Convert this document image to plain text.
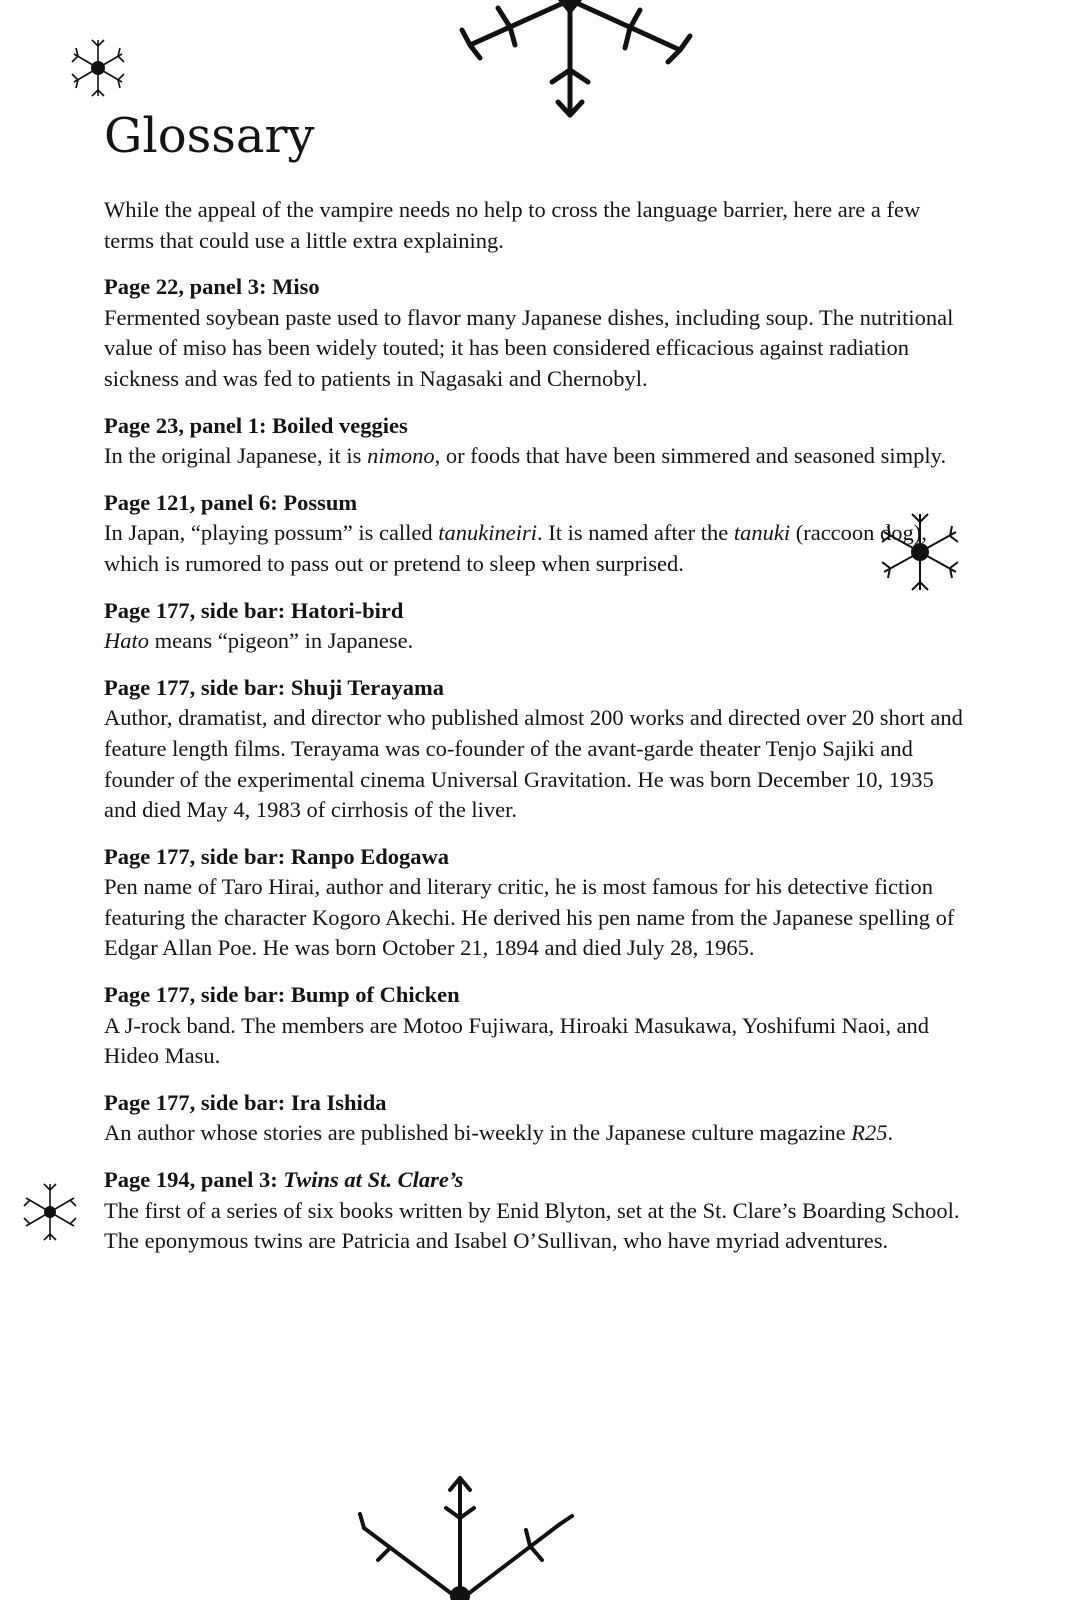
Glossary

While the appeal of the vampire needs no help to cross the language barrier, here are a few terms that could use a little extra explaining.

Page 22, panel 3: Miso
Fermented soybean paste used to flavor many Japanese dishes, including soup. The nutritional value of miso has been widely touted; it has been considered efficacious against radiation sickness and was fed to patients in Nagasaki and Chernobyl.
Page 23, panel 1: Boiled veggies
In the original Japanese, it is nimono, or foods that have been simmered and seasoned simply.
Page 121, panel 6: Possum
In Japan, “playing possum” is called tanukineiri. It is named after the tanuki (raccoon dog), which is rumored to pass out or pretend to sleep when surprised.
Page 177, side bar: Hatori-bird
Hato means “pigeon” in Japanese.
Page 177, side bar: Shuji Terayama
Author, dramatist, and director who published almost 200 works and directed over 20 short and feature length films. Terayama was co-founder of the avant-garde theater Tenjo Sajiki and founder of the experimental cinema Universal Gravitation. He was born December 10, 1935 and died May 4, 1983 of cirrhosis of the liver.
Page 177, side bar: Ranpo Edogawa
Pen name of Taro Hirai, author and literary critic, he is most famous for his detective fiction featuring the character Kogoro Akechi. He derived his pen name from the Japanese spelling of Edgar Allan Poe. He was born October 21, 1894 and died July 28, 1965.
Page 177, side bar: Bump of Chicken
A J-rock band. The members are Motoo Fujiwara, Hiroaki Masukawa, Yoshifumi Naoi, and Hideo Masu.
Page 177, side bar: Ira Ishida
An author whose stories are published bi-weekly in the Japanese culture magazine R25.
Page 194, panel 3: Twins at St. Clare’s
The first of a series of six books written by Enid Blyton, set at the St. Clare’s Boarding School. The eponymous twins are Patricia and Isabel O’Sullivan, who have myriad adventures.
